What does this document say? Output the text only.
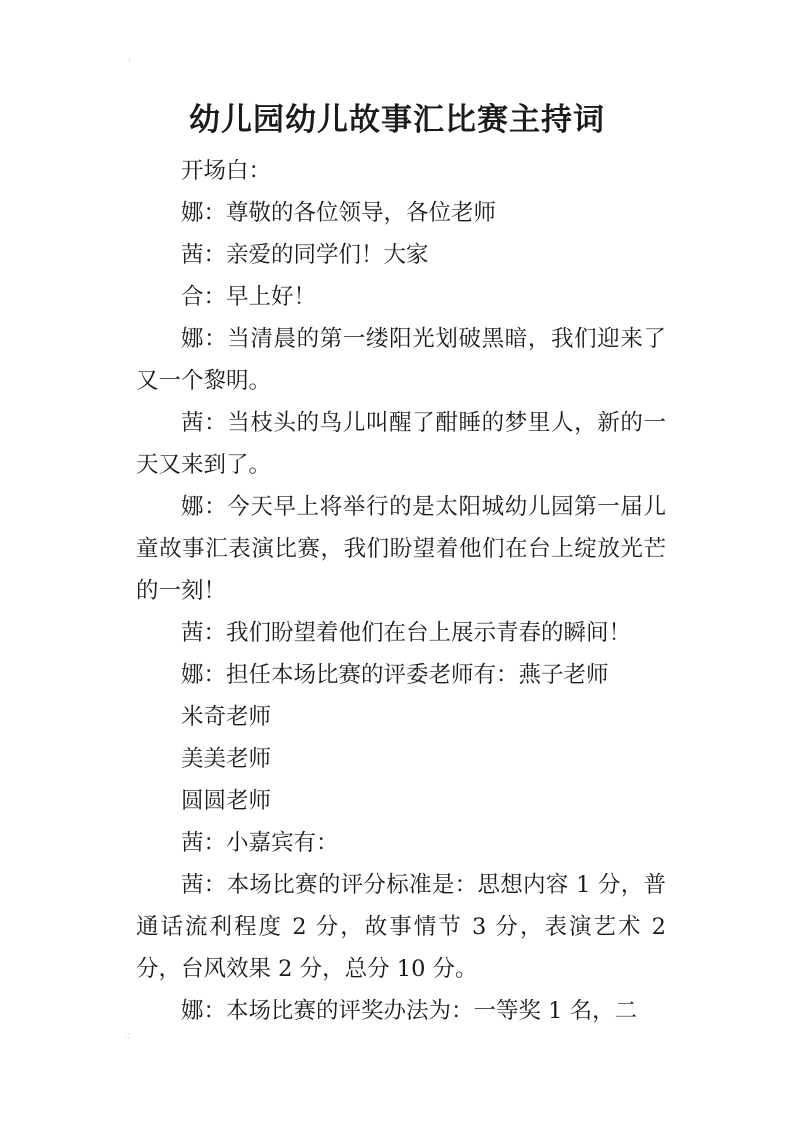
'
幼儿园幼儿故事汇比赛主持词

开场白：

娜：尊敬的各位领导，各位老师

茜：亲爱的同学们！大家

合：早上好！

娜：当清晨的第一缕阳光划破黑暗，我们迎来了又一个黎明。

茜：当枝头的鸟儿叫醒了酣睡的梦里人，新的一天又来到了。

娜：今天早上将举行的是太阳城幼儿园第一届儿童故事汇表演比赛，我们盼望着他们在台上绽放光芒的一刻！

茜：我们盼望着他们在台上展示青春的瞬间！

娜：担任本场比赛的评委老师有：燕子老师

米奇老师

美美老师

圆圆老师

茜：小嘉宾有：

茜：本场比赛的评分标准是：思想内容 1 分，普通话流利程度 2 分，故事情节 3 分，表演艺术 2 分，台风效果 2 分，总分 10 分。

娜：本场比赛的评奖办法为：一等奖 1 名，二

.:
